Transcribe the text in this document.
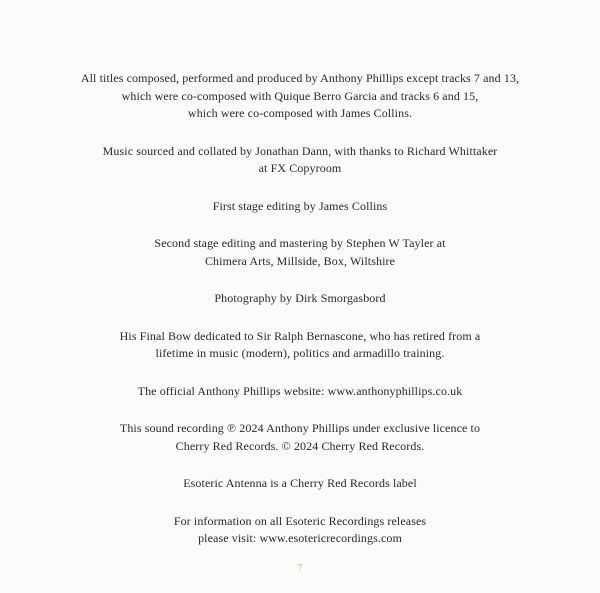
All titles composed, performed and produced by Anthony Phillips except tracks 7 and 13,
which were co-composed with Quique Berro Garcia and tracks 6 and 15,
which were co-composed with James Collins.

Music sourced and collated by Jonathan Dann, with thanks to Richard Whittaker
at FX Copyroom

First stage editing by James Collins

Second stage editing and mastering by Stephen W Tayler at
Chimera Arts, Millside, Box, Wiltshire

Photography by Dirk Smorgasbord

His Final Bow dedicated to Sir Ralph Bernascone, who has retired from a
lifetime in music (modern), politics and armadillo training.

The official Anthony Phillips website: www.anthonyphillips.co.uk

This sound recording ℗ 2024 Anthony Phillips under exclusive licence to
Cherry Red Records. © 2024 Cherry Red Records.

Esoteric Antenna is a Cherry Red Records label

For information on all Esoteric Recordings releases
please visit: www.esotericrecordings.com

7
